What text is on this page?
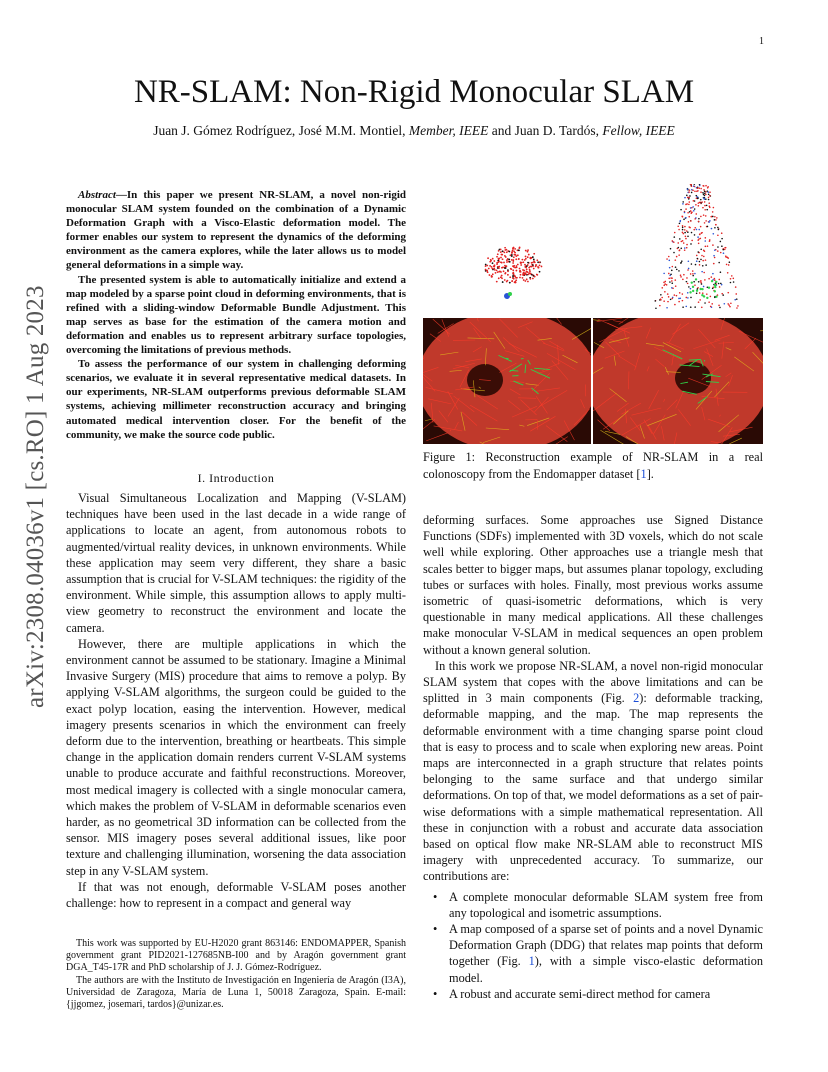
1
arXiv:2308.04036v1 [cs.RO] 1 Aug 2023
NR-SLAM: Non-Rigid Monocular SLAM
Juan J. Gómez Rodríguez, José M.M. Montiel, Member, IEEE and Juan D. Tardós, Fellow, IEEE

Abstract—In this paper we present NR-SLAM, a novel non-rigid monocular SLAM system founded on the combination of a Dynamic Deformation Graph with a Visco-Elastic deformation model. The former enables our system to represent the dynamics of the deforming environment as the camera explores, while the later allows us to model general deformations in a simple way.

The presented system is able to automatically initialize and extend a map modeled by a sparse point cloud in deforming environments, that is refined with a sliding-window Deformable Bundle Adjustment. This map serves as base for the estimation of the camera motion and deformation and enables us to represent arbitrary surface topologies, overcoming the limitations of previous methods.

To assess the performance of our system in challenging deforming scenarios, we evaluate it in several representative medical datasets. In our experiments, NR-SLAM outperforms previous deformable SLAM systems, achieving millimeter reconstruction accuracy and bringing automated medical intervention closer. For the benefit of the community, we make the source code public.

I. Introduction

Visual Simultaneous Localization and Mapping (V-SLAM) techniques have been used in the last decade in a wide range of applications to locate an agent, from autonomous robots to augmented/virtual reality devices, in unknown environments. While these application may seem very different, they share a basic assumption that is crucial for V-SLAM techniques: the rigidity of the environment. While simple, this assumption allows to apply multi-view geometry to reconstruct the environment and locate the camera.

However, there are multiple applications in which the environment cannot be assumed to be stationary. Imagine a Minimal Invasive Surgery (MIS) procedure that aims to remove a polyp. By applying V-SLAM algorithms, the surgeon could be guided to the exact polyp location, easing the intervention. However, medical imagery presents scenarios in which the environment can freely deform due to the intervention, breathing or heartbeats. This simple change in the application domain renders current V-SLAM systems unable to produce accurate and faithful reconstructions. Moreover, most medical imagery is collected with a single monocular camera, which makes the problem of V-SLAM in deformable scenarios even harder, as no geometrical 3D information can be collected from the sensor. MIS imagery poses several additional issues, like poor texture and challenging illumination, worsening the data association step in any V-SLAM system.

If that was not enough, deformable V-SLAM poses another challenge: how to represent in a compact and general way

This work was supported by EU-H2020 grant 863146: ENDOMAPPER, Spanish government grant PID2021-127685NB-I00 and by Aragón government grant DGA_T45-17R and PhD scholarship of J. J. Gómez-Rodríguez.

The authors are with the Instituto de Investigación en Ingeniería de Aragón (I3A), Universidad de Zaragoza, María de Luna 1, 50018 Zaragoza, Spain. E-mail: {jjgomez, josemari, tardos}@unizar.es.

Figure 1: Reconstruction example of NR-SLAM in a real colonoscopy from the Endomapper dataset [1].

deforming surfaces. Some approaches use Signed Distance Functions (SDFs) implemented with 3D voxels, which do not scale well while exploring. Other approaches use a triangle mesh that scales better to bigger maps, but assumes planar topology, excluding tubes or surfaces with holes. Finally, most previous works assume isometric of quasi-isometric deformations, which is very questionable in many medical applications. All these challenges make monocular V-SLAM in medical sequences an open problem without a known general solution.

In this work we propose NR-SLAM, a novel non-rigid monocular SLAM system that copes with the above limitations and can be splitted in 3 main components (Fig. 2): deformable tracking, deformable mapping, and the map. The map represents the deformable environment with a time changing sparse point cloud that is easy to process and to scale when exploring new areas. Point maps are interconnected in a graph structure that relates points belonging to the same surface and that undergo similar deformations. On top of that, we model deformations as a set of pair-wise deformations with a simple mathematical representation. All these in conjunction with a robust and accurate data association based on optical flow make NR-SLAM able to reconstruct MIS imagery with unprecedented accuracy. To summarize, our contributions are:

• A complete monocular deformable SLAM system free from any topological and isometric assumptions.
• A map composed of a sparse set of points and a novel Dynamic Deformation Graph (DDG) that relates map points that deform together (Fig. 1), with a simple visco-elastic deformation model.
• A robust and accurate semi-direct method for camera
